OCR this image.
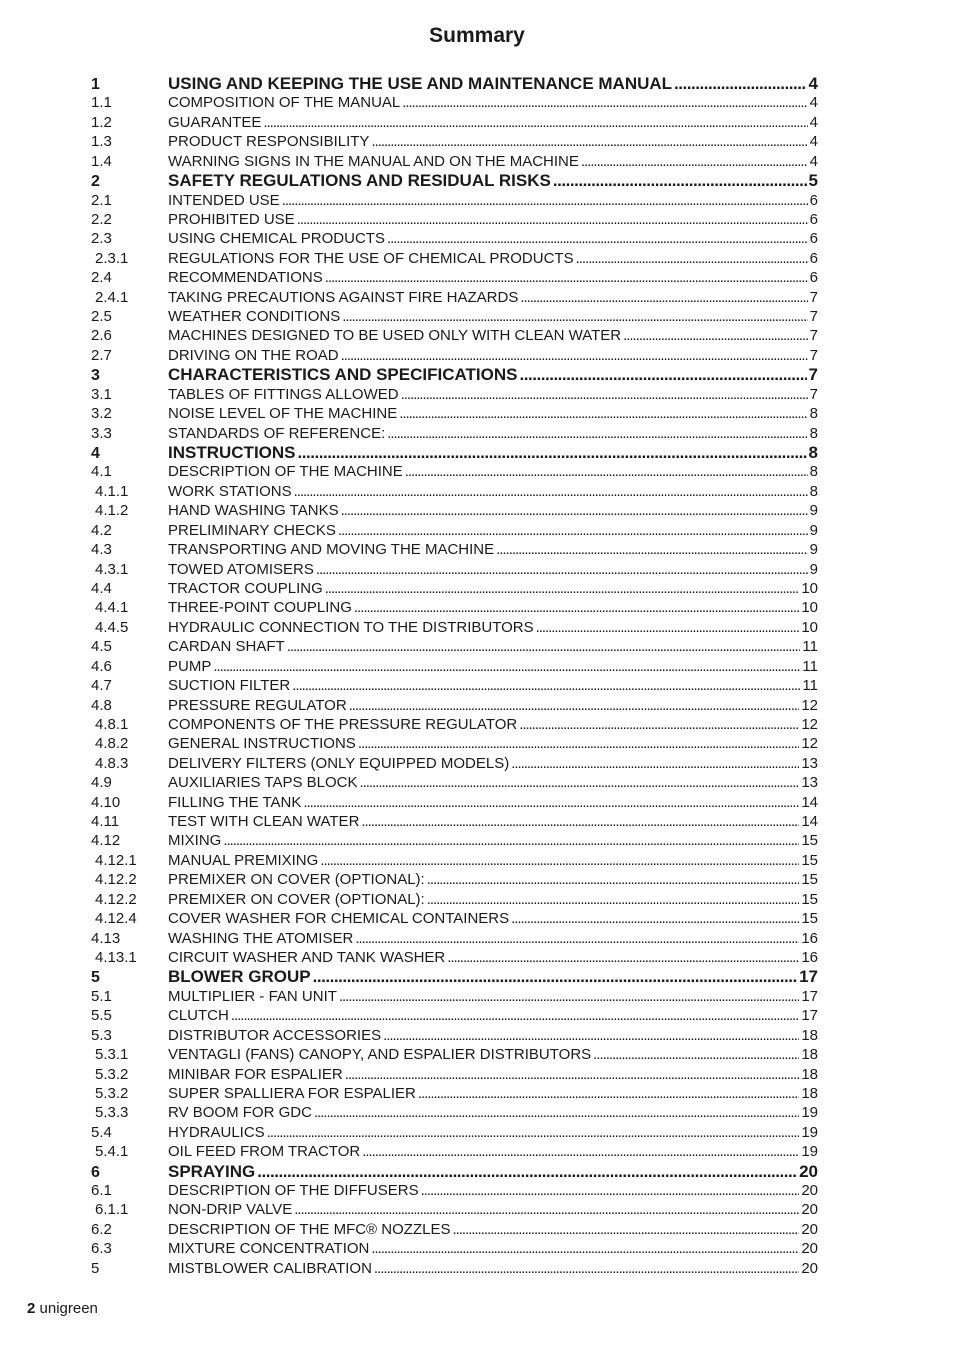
Summary
1	USING AND KEEPING THE USE AND MAINTENANCE MANUAL . . .	4
1.1	COMPOSITION OF THE MANUAL . . .	4
1.2	GUARANTEE . . .	4
1.3	PRODUCT RESPONSIBILITY . . .	4
1.4	WARNING SIGNS IN THE MANUAL AND ON THE MACHINE . . .	4
2	SAFETY REGULATIONS AND RESIDUAL RISKS . . .	5
2.1	INTENDED USE . . .	6
2.2	PROHIBITED USE . . .	6
2.3	USING CHEMICAL PRODUCTS . . .	6
2.3.1	REGULATIONS FOR THE USE OF CHEMICAL PRODUCTS . . .	6
2.4	RECOMMENDATIONS . . .	6
2.4.1	TAKING PRECAUTIONS AGAINST FIRE HAZARDS . . .	7
2.5	WEATHER CONDITIONS . . .	7
2.6	MACHINES DESIGNED TO BE USED ONLY WITH CLEAN WATER . . .	7
2.7	DRIVING ON THE ROAD . . .	7
3	CHARACTERISTICS AND SPECIFICATIONS . . .	7
3.1	TABLES OF FITTINGS ALLOWED . . .	7
3.2	NOISE LEVEL OF THE MACHINE . . .	8
3.3	STANDARDS OF REFERENCE: . . .	8
4	INSTRUCTIONS . . .	8
4.1	DESCRIPTION OF THE MACHINE . . .	8
4.1.1	WORK STATIONS . . .	8
4.1.2	HAND WASHING TANKS . . .	9
4.2	PRELIMINARY CHECKS . . .	9
4.3	TRANSPORTING AND MOVING THE MACHINE . . .	9
4.3.1	TOWED ATOMISERS . . .	9
4.4	TRACTOR COUPLING . . .	10
4.4.1	THREE-POINT COUPLING . . .	10
4.4.5	HYDRAULIC CONNECTION TO THE DISTRIBUTORS . . .	10
4.5	CARDAN SHAFT . . .	11
4.6	PUMP . . .	11
4.7	SUCTION FILTER . . .	11
4.8	PRESSURE REGULATOR . . .	12
4.8.1	COMPONENTS OF THE PRESSURE REGULATOR . . .	12
4.8.2	GENERAL INSTRUCTIONS . . .	12
4.8.3	DELIVERY FILTERS (ONLY EQUIPPED MODELS) . . .	13
4.9	AUXILIARIES TAPS BLOCK . . .	13
4.10	FILLING THE TANK . . .	14
4.11	TEST WITH CLEAN WATER . . .	14
4.12	MIXING . . .	15
4.12.1	MANUAL PREMIXING . . .	15
4.12.2	PREMIXER ON COVER (OPTIONAL): . . .	15
4.12.2	PREMIXER ON COVER (OPTIONAL): . . .	15
4.12.4	COVER WASHER FOR CHEMICAL CONTAINERS . . .	15
4.13	WASHING THE ATOMISER . . .	16
4.13.1	CIRCUIT WASHER AND TANK WASHER . . .	16
5	BLOWER GROUP . . .	17
5.1	MULTIPLIER - FAN UNIT . . .	17
5.5	CLUTCH . . .	17
5.3	DISTRIBUTOR ACCESSORIES . . .	18
5.3.1	VENTAGLI (FANS) CANOPY, AND ESPALIER DISTRIBUTORS . . .	18
5.3.2	MINIBAR FOR ESPALIER . . .	18
5.3.2	SUPER SPALLIERA FOR ESPALIER . . .	18
5.3.3	RV BOOM FOR GDC . . .	19
5.4	HYDRAULICS . . .	19
5.4.1	OIL FEED FROM TRACTOR . . .	19
6	SPRAYING . . .	20
6.1	DESCRIPTION OF THE DIFFUSERS . . .	20
6.1.1	NON-DRIP VALVE . . .	20
6.2	DESCRIPTION OF THE MFC® NOZZLES . . .	20
6.3	MIXTURE CONCENTRATION . . .	20
5	MISTBLOWER CALIBRATION . . .	20
2 unigreen
